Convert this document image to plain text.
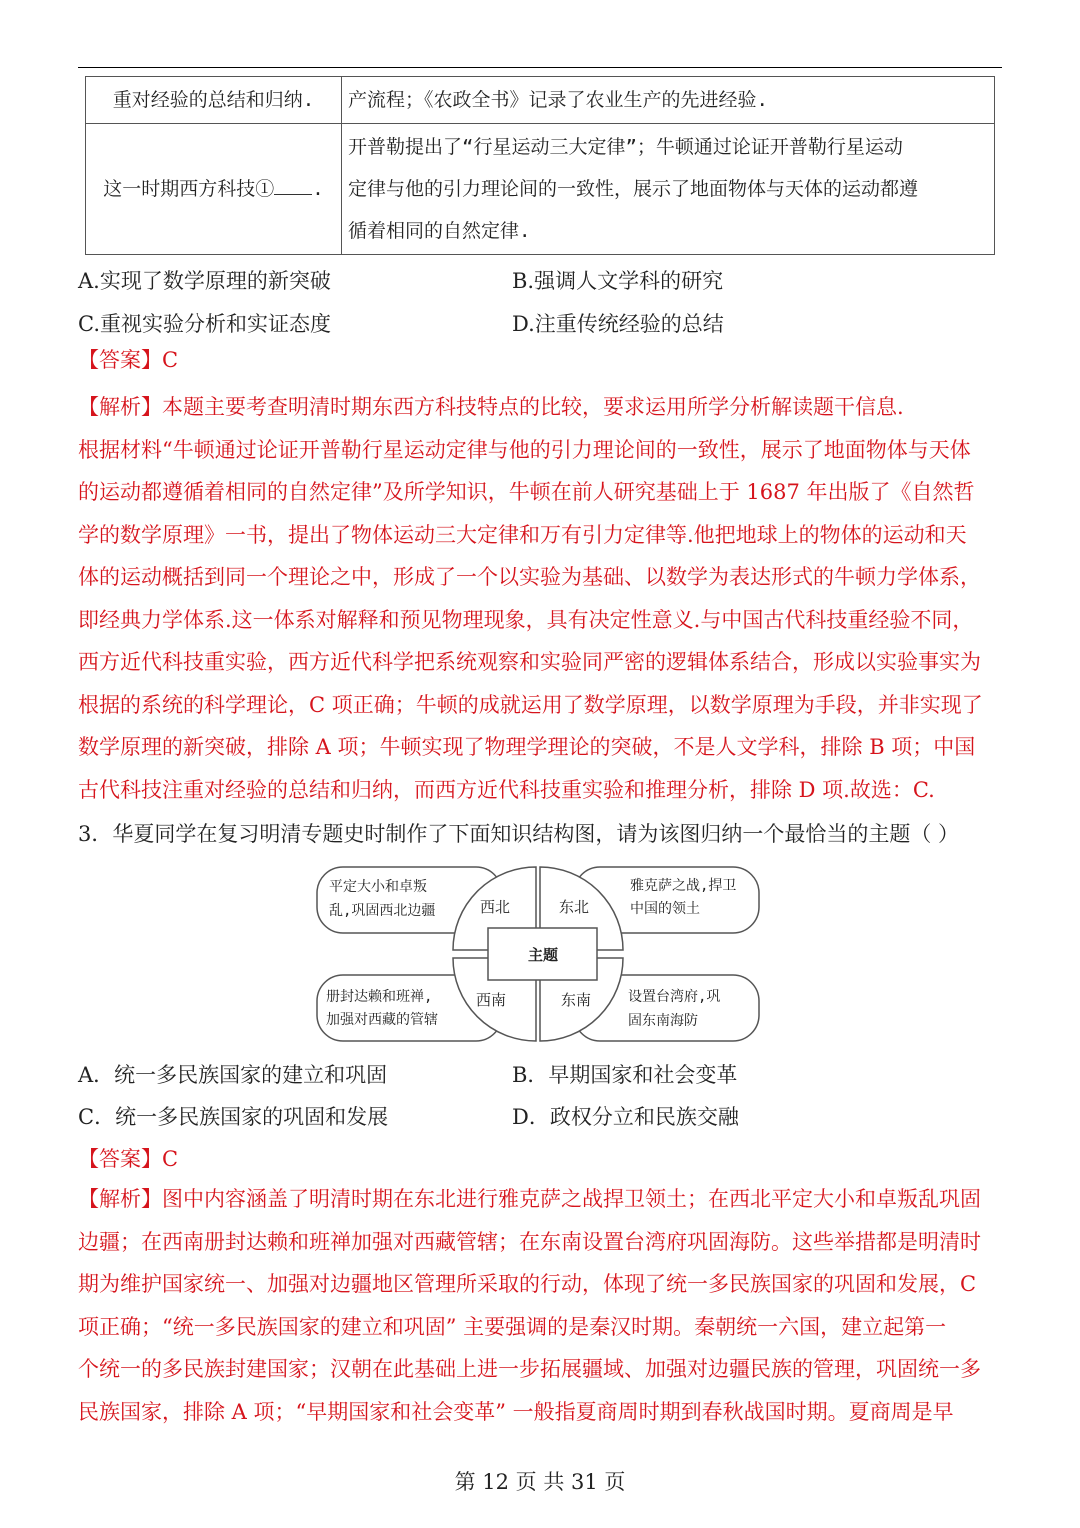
重对经验的总结和归纳.	产流程；《农政全书》记录了农业生产的先进经验.
这一时期西方科技① .	开普勒提出了“行星运动三大定律”；牛顿通过论证开普勒行星运动
定律与他的引力理论间的一致性，展示了地面物体与天体的运动都遵
循着相同的自然定律.
A.实现了数学原理的新突破	B.强调人文学科的研究
C.重视实验分析和实证态度	D.注重传统经验的总结
【答案】C
【解析】本题主要考查明清时期东西方科技特点的比较，要求运用所学分析解读题干信息.
根据材料“牛顿通过论证开普勒行星运动定律与他的引力理论间的一致性，展示了地面物体与天体
的运动都遵循着相同的自然定律”及所学知识，牛顿在前人研究基础上于 1687 年出版了《自然哲
学的数学原理》一书，提出了物体运动三大定律和万有引力定律等.他把地球上的物体的运动和天
体的运动概括到同一个理论之中，形成了一个以实验为基础、以数学为表达形式的牛顿力学体系，
即经典力学体系.这一体系对解释和预见物理现象，具有决定性意义.与中国古代科技重经验不同，
西方近代科技重实验，西方近代科学把系统观察和实验同严密的逻辑体系结合，形成以实验事实为
根据的系统的科学理论，C 项正确；牛顿的成就运用了数学原理，以数学原理为手段，并非实现了
数学原理的新突破，排除 A 项；牛顿实现了物理学理论的突破，不是人文学科，排除 B 项；中国
古代科技注重对经验的总结和归纳，而西方近代科技重实验和推理分析，排除 D 项.故选：C.
3．华夏同学在复习明清专题史时制作了下面知识结构图，请为该图归纳一个最恰当的主题（ ）
平定大小和卓叛
乱,巩固西北边疆
雅克萨之战,捍卫
中国的领土
册封达赖和班禅,
加强对西藏的管辖
设置台湾府,巩
固东南海防
西北	东北
西南	东南
主题
A．统一多民族国家的建立和巩固	B．早期国家和社会变革
C．统一多民族国家的巩固和发展	D．政权分立和民族交融
【答案】C
【解析】图中内容涵盖了明清时期在东北进行雅克萨之战捍卫领土；在西北平定大小和卓叛乱巩固
边疆；在西南册封达赖和班禅加强对西藏管辖；在东南设置台湾府巩固海防。这些举措都是明清时
期为维护国家统一、加强对边疆地区管理所采取的行动，体现了统一多民族国家的巩固和发展，C
项正确；“统一多民族国家的建立和巩固” 主要强调的是秦汉时期。秦朝统一六国，建立起第一
个统一的多民族封建国家；汉朝在此基础上进一步拓展疆域、加强对边疆民族的管理，巩固统一多
民族国家，排除 A 项；“早期国家和社会变革” 一般指夏商周时期到春秋战国时期。夏商周是早
第 12 页 共 31 页
